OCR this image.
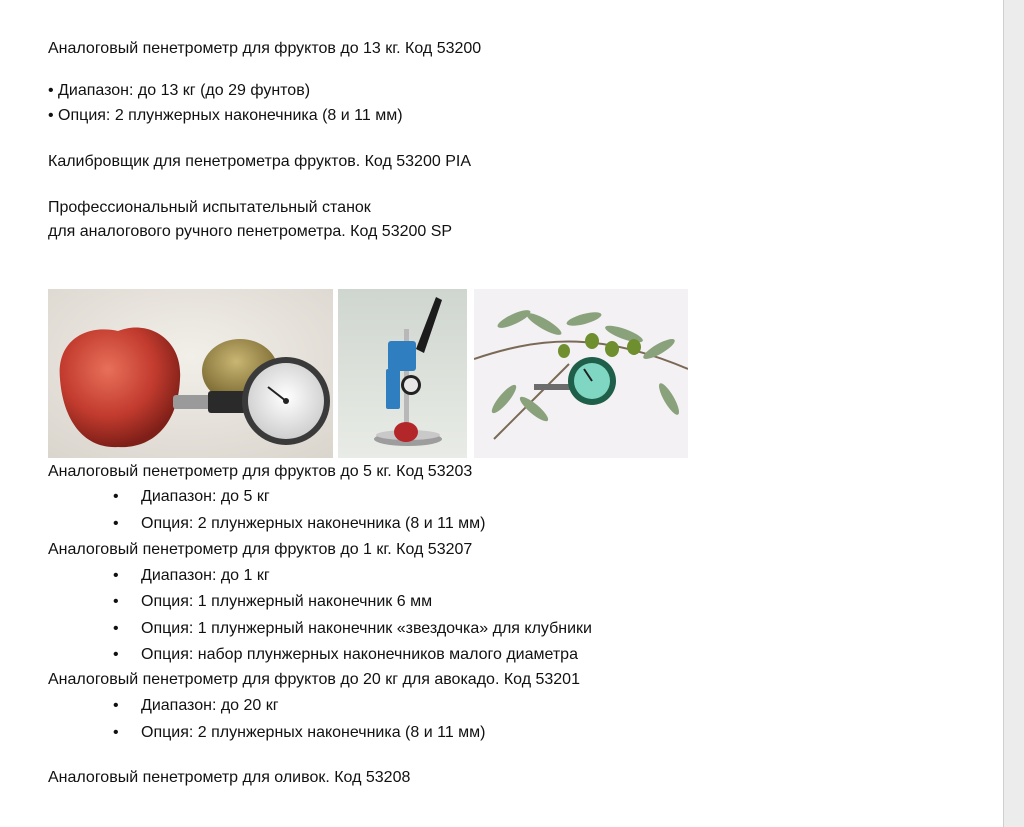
Аналоговый пенетрометр для фруктов до 13 кг. Код 53200
• Диапазон: до 13 кг (до 29 фунтов)
• Опция: 2 плунжерных наконечника (8 и 11 мм)
Калибровщик для пенетрометра фруктов. Код 53200 PIA
Профессиональный испытательный станок
для аналогового ручного пенетрометра. Код 53200 SP
Аналоговый пенетрометр для фруктов до 5 кг. Код 53203
• Диапазон: до 5 кг
• Опция: 2 плунжерных наконечника (8 и 11 мм)
Аналоговый пенетрометр для фруктов до 1 кг. Код 53207
• Диапазон: до 1 кг
• Опция: 1 плунжерный наконечник 6 мм
• Опция: 1 плунжерный наконечник «звездочка» для клубники
• Опция: набор плунжерных наконечников малого диаметра
Аналоговый пенетрометр для фруктов до 20 кг для авокадо. Код 53201
• Диапазон: до 20 кг
• Опция: 2 плунжерных наконечника (8 и 11 мм)
Аналоговый пенетрометр для оливок. Код 53208
